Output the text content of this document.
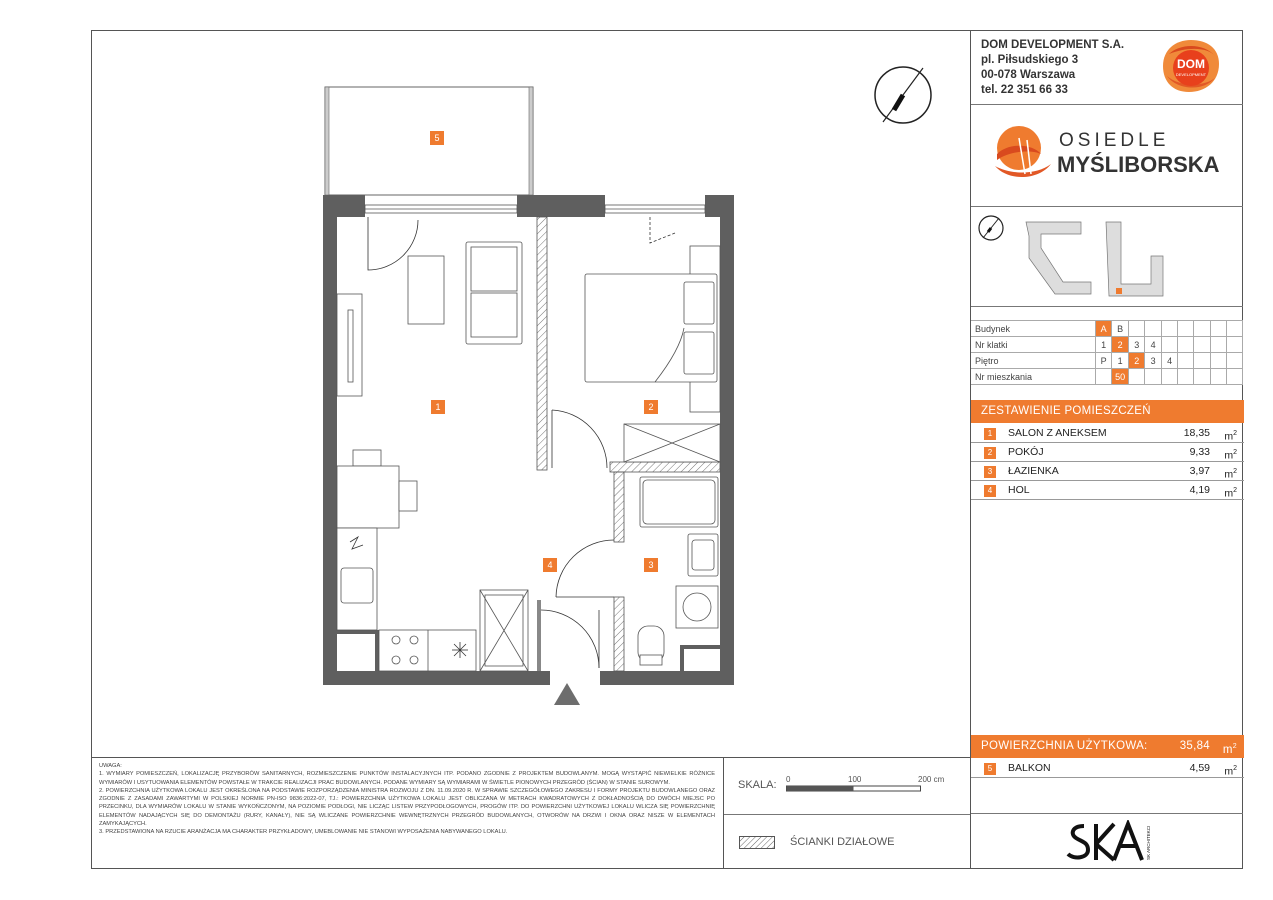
5
1	2
4	3
DOM DEVELOPMENT S.A.
pl. Piłsudskiego 3
00-078 Warszawa
tel. 22 351 66 33
DOM
DEVELOPMENT
OSIEDLE
MYŚLIBORSKA
Budynek	A	B							
Nr klatki	1	2	3	4					
Piętro	P	1	2	3	4				
Nr mieszkania		50							
ZESTAWIENIE POMIESZCZEŃ
1	SALON Z ANEKSEM	18,35 $m^2$
2	POKÓJ	9,33 $m^2$
3	ŁAZIENKA	3,97 $m^2$
4	HOL	4,19 $m^2$
POWIERZCHNIA UŻYTKOWA:	35,84 $m^2$
5	BALKON	4,59 $m^2$
SK ARCHITEKCI

UWAGA:

1. WYMIARY POMIESZCZEŃ, LOKALIZACJĘ PRZYBORÓW SANITARNYCH, ROZMIESZCZENIE PUNKTÓW INSTALACYJNYCH ITP. PODANO ZGODNIE Z PROJEKTEM BUDOWLANYM. MOGĄ WYSTĄPIĆ NIEWIELKIE RÓŻNICE WYMIARÓW I USYTUOWANIA ELEMENTÓW POWSTAŁE W TRAKCIE REALIZACJI PRAC BUDOWLANYCH. PODANE WYMIARY SĄ WYMIARAMI W ŚWIETLE PIONOWYCH PRZEGRÓD (ŚCIAN) W STANIE SUROWYM.

2. POWIERZCHNIA UŻYTKOWA LOKALU JEST OKREŚLONA NA PODSTAWIE ROZPORZĄDZENIA MINISTRA ROZWOJU Z DN. 11.09.2020 R. W SPRAWIE SZCZEGÓŁOWEGO ZAKRESU I FORMY PROJEKTU BUDOWLANEGO ORAZ ZGODNIE Z ZASADAMI ZAWARTYMI W POLSKIEJ NORMIE PN-ISO 9836:2022-07, TJ.: POWIERZCHNIA UŻYTKOWA LOKALU JEST OBLICZANA W METRACH KWADRATOWYCH Z DOKŁADNOŚCIĄ DO DWÓCH MIEJSC PO PRZECINKU, DLA WYMIARÓW LOKALU W STANIE WYKOŃCZONYM, NA POZIOMIE PODŁOGI, NIE LICZĄC LISTEW PRZYPODŁOGOWYCH, PROGÓW ITP. DO POWIERZCHNI UŻYTKOWEJ LOKALU WLICZA SIĘ POWIERZCHNIĘ ELEMENTÓW NADAJĄCYCH SIĘ DO DEMONTAŻU (RURY, KANAŁY), NIE SĄ WLICZANE POWIERZCHNIE WEWNĘTRZNYCH PRZEGRÓD BUDOWLANYCH, OTWORÓW NA DRZWI I OKNA ORAZ NISZE W ELEMENTACH ZAMYKAJĄCYCH.

3. PRZEDSTAWIONA NA RZUCIE ARANŻACJA MA CHARAKTER PRZYKŁADOWY, UMEBLOWANIE NIE STANOWI WYPOSAŻENIA NABYWANEGO LOKALU.

SKALA: 0	100	200 cm
ŚCIANKI DZIAŁOWE
